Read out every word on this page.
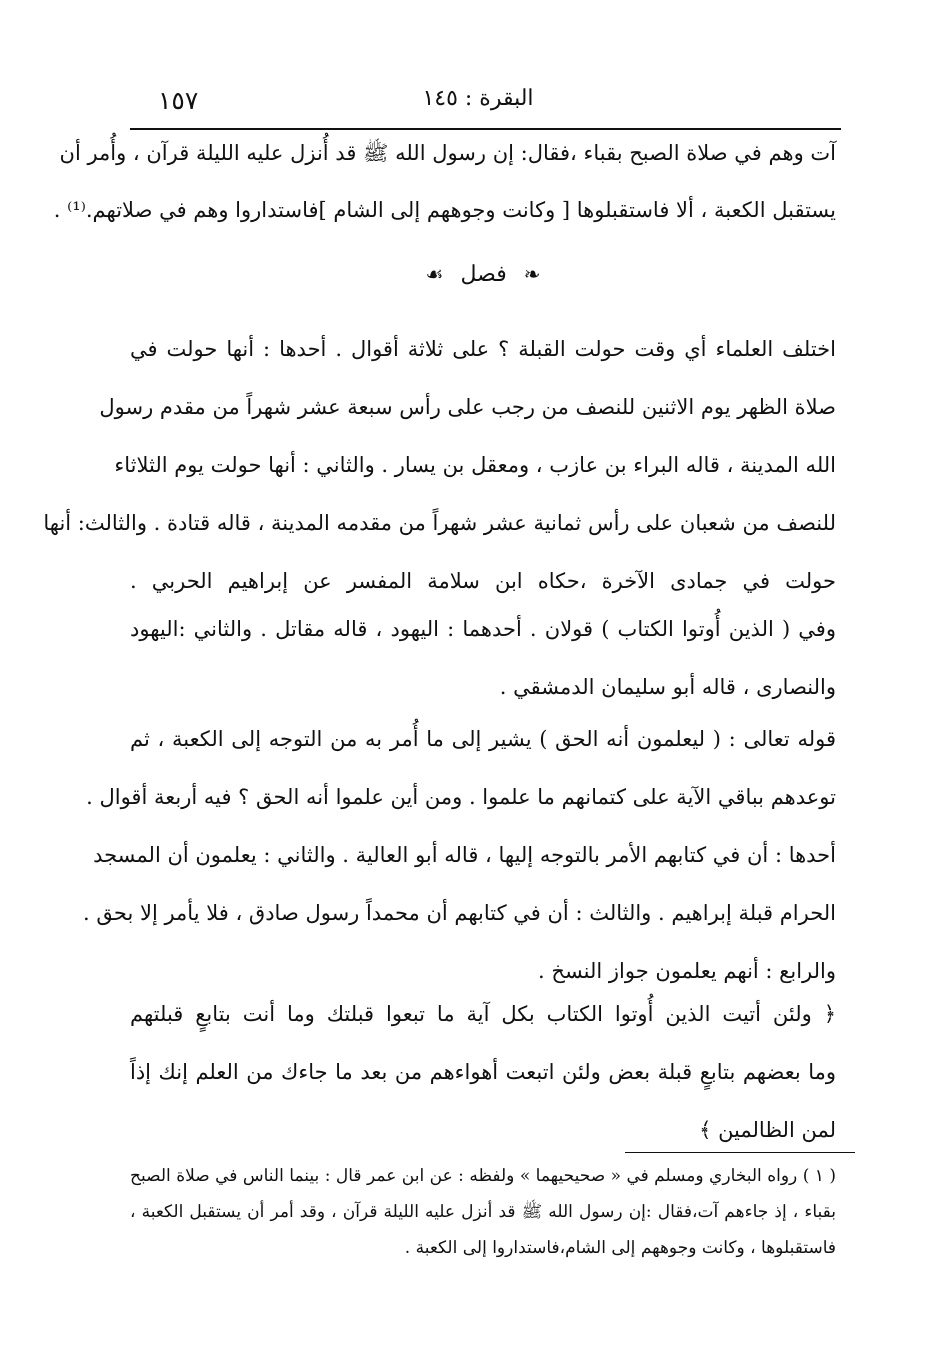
١٥٧	البقرة : ١٤٥
آت وهم في صلاة الصبح بقباء ،فقال: إن رسول الله ﷺ قد أُنزل عليه الليلة قرآن ، وأُمر أن
يستقبل الكعبة ، ألا فاستقبلوها [ وكانت وجوههم إلى الشام ]فاستداروا وهم في صلاتهم.⁽¹⁾ .
❧ فصل ☙
اختلف العلماء أي وقت حولت القبلة ؟ على ثلاثة أقوال . أحدها : أنها حولت في
صلاة الظهر يوم الاثنين للنصف من رجب على رأس سبعة عشر شهراً من مقدم رسول
الله المدينة ، قاله البراء بن عازب ، ومعقل بن يسار . والثاني : أنها حولت يوم الثلاثاء
للنصف من شعبان على رأس ثمانية عشر شهراً من مقدمه المدينة ، قاله قتادة . والثالث: أنها
حولت في جمادى الآخرة ،حكاه ابن سلامة المفسر عن إبراهيم الحربي .
وفي ( الذين أُوتوا الكتاب ) قولان . أحدهما : اليهود ، قاله مقاتل . والثاني :اليهود
والنصارى ، قاله أبو سليمان الدمشقي .
قوله تعالى : ( ليعلمون أنه الحق ) يشير إلى ما أُمر به من التوجه إلى الكعبة ، ثم
توعدهم بباقي الآية على كتمانهم ما علموا . ومن أين علموا أنه الحق ؟ فيه أربعة أقوال .
أحدها : أن في كتابهم الأمر بالتوجه إليها ، قاله أبو العالية . والثاني : يعلمون أن المسجد
الحرام قبلة إبراهيم . والثالث : أن في كتابهم أن محمداً رسول صادق ، فلا يأمر إلا بحق .
والرابع : أنهم يعلمون جواز النسخ .
﴿ ولئن أتيت الذين أُوتوا الكتاب بكل آية ما تبعوا قبلتك وما أنت بتابعٍ قبلتهم
وما بعضهم بتابعٍ قبلة بعض ولئن اتبعت أهواءهم من بعد ما جاءك من العلم إنك إذاً
لمن الظالمين ﴾
( ١ ) رواه البخاري ومسلم في « صحيحيهما » ولفظه : عن ابن عمر قال : بينما الناس في صلاة الصبح
بقباء ، إذ جاءهم آت،فقال :إن رسول الله ﷺ قد أنزل عليه الليلة قرآن ، وقد أمر أن يستقبل الكعبة ،
فاستقبلوها ، وكانت وجوههم إلى الشام،فاستداروا إلى الكعبة .
